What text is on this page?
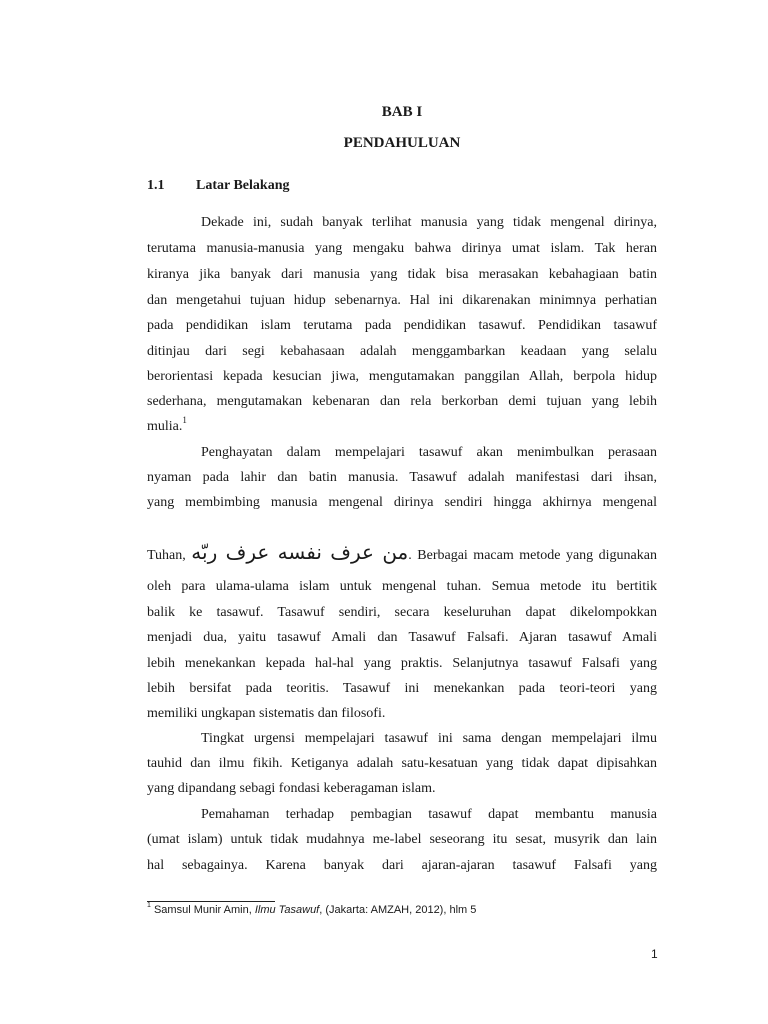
BAB I
PENDAHULUAN
1.1 Latar Belakang
Dekade ini, sudah banyak terlihat manusia yang tidak mengenal dirinya,
terutama manusia-manusia yang mengaku bahwa dirinya umat islam. Tak heran
kiranya jika banyak dari manusia yang tidak bisa merasakan kebahagiaan batin
dan mengetahui tujuan hidup sebenarnya. Hal ini dikarenakan minimnya perhatian
pada pendidikan islam terutama pada pendidikan tasawuf. Pendidikan tasawuf
ditinjau dari segi kebahasaan adalah menggambarkan keadaan yang selalu
berorientasi kepada kesucian jiwa, mengutamakan panggilan Allah, berpola hidup
sederhana, mengutamakan kebenaran dan rela berkorban demi tujuan yang lebih
mulia.$^1$
Penghayatan dalam mempelajari tasawuf akan menimbulkan perasaan
nyaman pada lahir dan batin manusia. Tasawuf adalah manifestasi dari ihsan,
yang membimbing manusia mengenal dirinya sendiri hingga akhirnya mengenal
Tuhan, من عرف نفسه عرف ربّه. Berbagai macam metode yang digunakan
oleh para ulama-ulama islam untuk mengenal tuhan. Semua metode itu bertitik
balik ke tasawuf. Tasawuf sendiri, secara keseluruhan dapat dikelompokkan
menjadi dua, yaitu tasawuf Amali dan Tasawuf Falsafi. Ajaran tasawuf Amali
lebih menekankan kepada hal-hal yang praktis. Selanjutnya tasawuf Falsafi yang
lebih bersifat pada teoritis. Tasawuf ini menekankan pada teori-teori yang
memiliki ungkapan sistematis dan filosofi.
Tingkat urgensi mempelajari tasawuf ini sama dengan mempelajari ilmu
tauhid dan ilmu fikih. Ketiganya adalah satu-kesatuan yang tidak dapat dipisahkan
yang dipandang sebagi fondasi keberagaman islam.
Pemahaman terhadap pembagian tasawuf dapat membantu manusia
(umat islam) untuk tidak mudahnya me-label seseorang itu sesat, musyrik dan lain
hal sebagainya. Karena banyak dari ajaran-ajaran tasawuf Falsafi yang
$^1$ Samsul Munir Amin, Ilmu Tasawuf, (Jakarta: AMZAH, 2012), hlm 5
1
